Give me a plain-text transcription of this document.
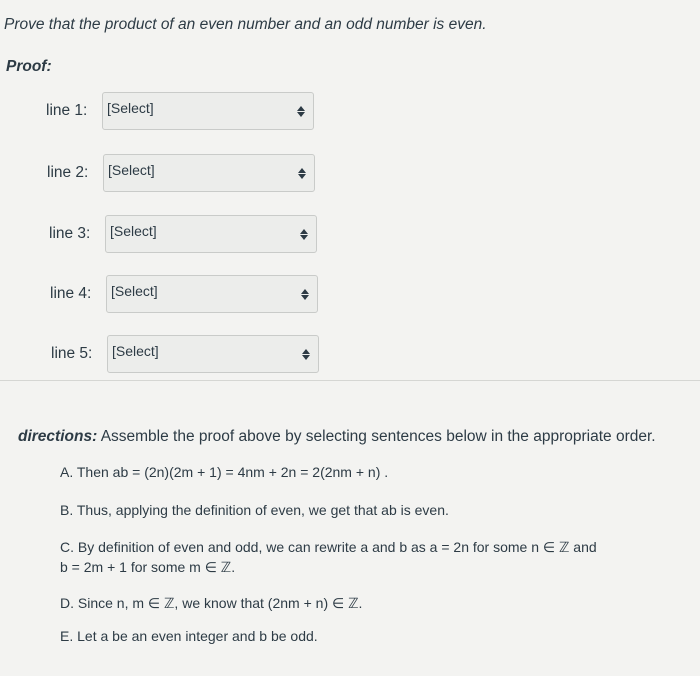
Prove that the product of an even number and an odd number is even.
Proof:
line 1:	[Select]
line 2:	[Select]
line 3:	[Select]
line 4:	[Select]
line 5:	[Select]
directions: Assemble the proof above by selecting sentences below in the appropriate order.
A. Then ab = (2n)(2m + 1) = 4nm + 2n = 2(2nm + n) .
B. Thus, applying the definition of even, we get that ab is even.
C. By definition of even and odd, we can rewrite a and b as a = 2n for some n ∈ ℤ and
b = 2m + 1 for some m ∈ ℤ.
D. Since n, m ∈ ℤ, we know that (2nm + n) ∈ ℤ.
E. Let a be an even integer and b be odd.
